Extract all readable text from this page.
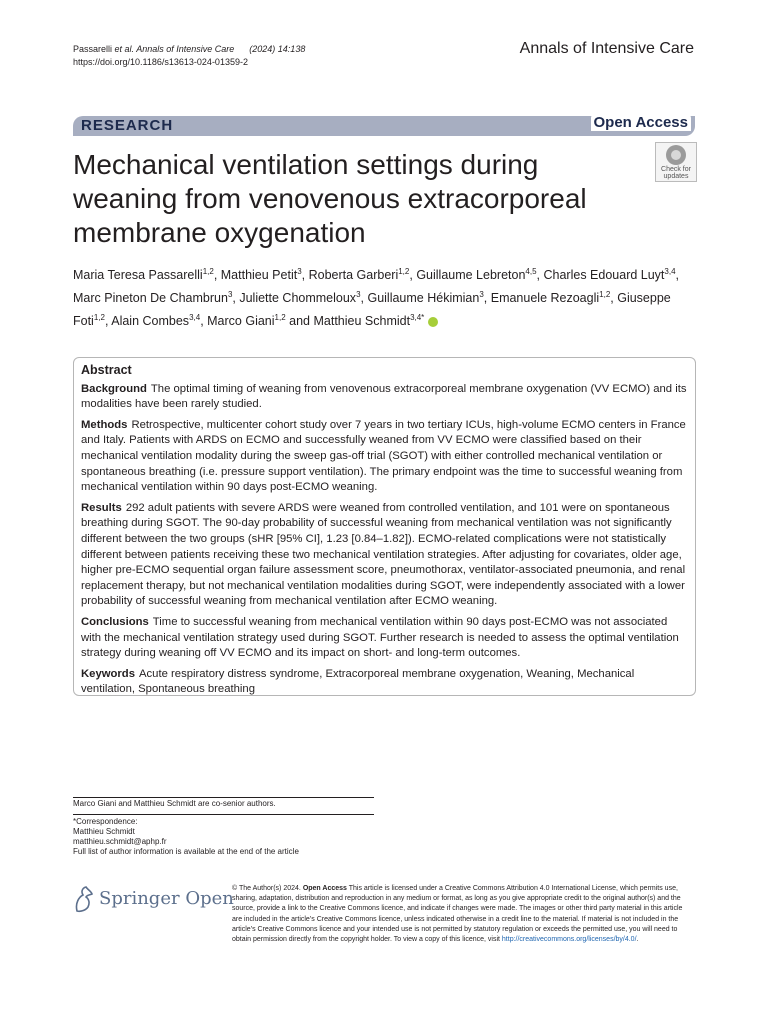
Passarelli et al. Annals of Intensive Care (2024) 14:138
https://doi.org/10.1186/s13613-024-01359-2
Annals of Intensive Care
RESEARCH	Open Access
Mechanical ventilation settings during weaning from venovenous extracorporeal membrane oxygenation
Check for
updates
Maria Teresa Passarelli$^{1,2}$, Matthieu Petit$^3$, Roberta Garberi$^{1,2}$, Guillaume Lebreton$^{4,5}$, Charles Edouard Luyt$^{3,4}$, Marc Pineton De Chambrun$^3$, Juliette Chommeloux$^3$, Guillaume Hékimian$^3$, Emanuele Rezoagli$^{1,2}$, Giuseppe Foti$^{1,2}$, Alain Combes$^{3,4}$, Marco Giani$^{1,2}$ and Matthieu Schmidt$^{3,4*}$
Abstract

Background The optimal timing of weaning from venovenous extracorporeal membrane oxygenation (VV ECMO) and its modalities have been rarely studied.

Methods Retrospective, multicenter cohort study over 7 years in two tertiary ICUs, high-volume ECMO centers in France and Italy. Patients with ARDS on ECMO and successfully weaned from VV ECMO were classified based on their mechanical ventilation modality during the sweep gas-off trial (SGOT) with either controlled mechanical ventilation or spontaneous breathing (i.e. pressure support ventilation). The primary endpoint was the time to successful weaning from mechanical ventilation within 90 days post-ECMO weaning.

Results 292 adult patients with severe ARDS were weaned from controlled ventilation, and 101 were on spontaneous breathing during SGOT. The 90-day probability of successful weaning from mechanical ventilation was not significantly different between the two groups (sHR [95% CI], 1.23 [0.84–1.82]). ECMO-related complications were not statistically different between patients receiving these two mechanical ventilation strategies. After adjusting for covariates, older age, higher pre-ECMO sequential organ failure assessment score, pneumothorax, ventilator-associated pneumonia, and renal replacement therapy, but not mechanical ventilation modalities during SGOT, were independently associated with a lower probability of successful weaning from mechanical ventilation after ECMO weaning.

Conclusions Time to successful weaning from mechanical ventilation within 90 days post-ECMO was not associated with the mechanical ventilation strategy used during SGOT. Further research is needed to assess the optimal ventilation strategy during weaning off VV ECMO and its impact on short- and long-term outcomes.

Keywords Acute respiratory distress syndrome, Extracorporeal membrane oxygenation, Weaning, Mechanical ventilation, Spontaneous breathing

Marco Giani and Matthieu Schmidt are co-senior authors.
*Correspondence:
Matthieu Schmidt
matthieu.schmidt@aphp.fr
Full list of author information is available at the end of the article
Springer Open
© The Author(s) 2024. Open Access This article is licensed under a Creative Commons Attribution 4.0 International License, which permits use, sharing, adaptation, distribution and reproduction in any medium or format, as long as you give appropriate credit to the original author(s) and the source, provide a link to the Creative Commons licence, and indicate if changes were made. The images or other third party material in this article are included in the article’s Creative Commons licence, unless indicated otherwise in a credit line to the material. If material is not included in the article’s Creative Commons licence and your intended use is not permitted by statutory regulation or exceeds the permitted use, you will need to obtain permission directly from the copyright holder. To view a copy of this licence, visit http://creativecommons.org/licenses/by/4.0/.
